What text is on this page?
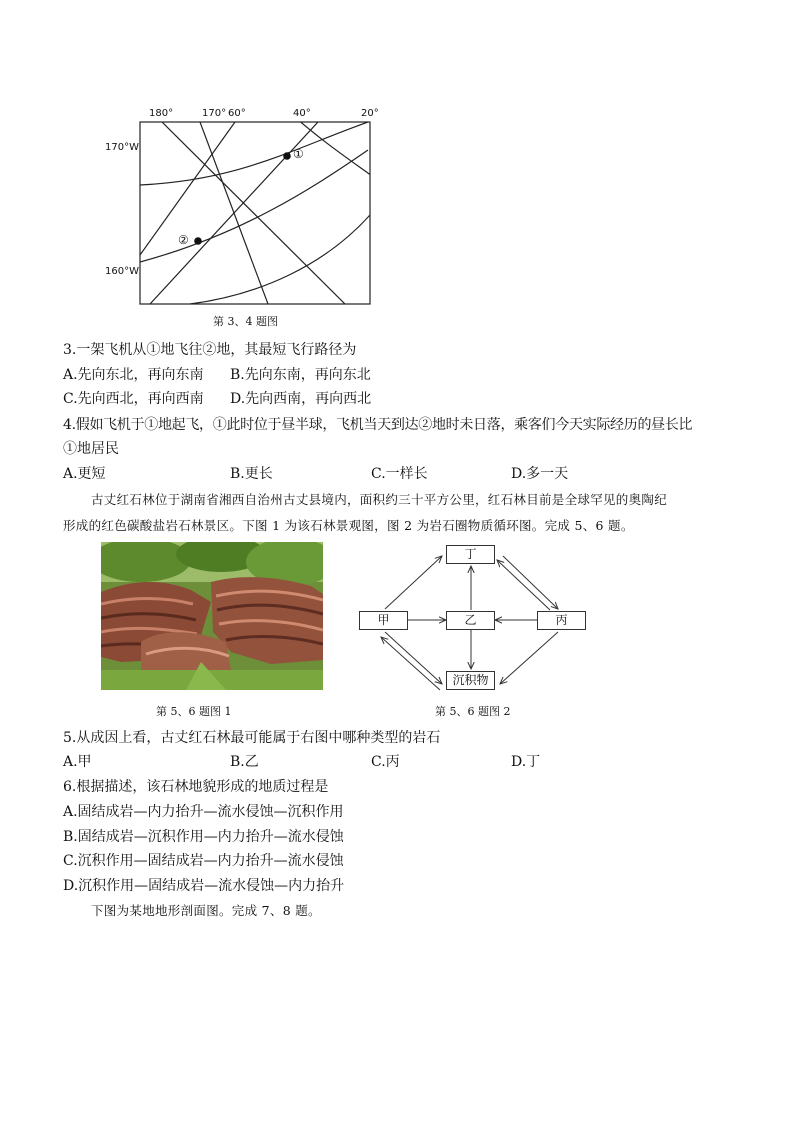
180°	170° 60°	40°	20°
170°W
160°W
①
②
第 3、4 题图
3.一架飞机从①地飞往②地，其最短飞行路径为
A.先向东北，再向东南 B.先向东南，再向东北
C.先向西北，再向西南 D.先向西南，再向西北
4.假如飞机于①地起飞，①此时位于昼半球，飞机当天到达②地时未日落，乘客们今天实际经历的昼长比
①地居民
A.更短	B.更长	C.一样长	D.多一天
古丈红石林位于湖南省湘西自治州古丈县境内，面积约三十平方公里，红石林目前是全球罕见的奥陶纪
形成的红色碳酸盐岩石林景区。下图 1 为该石林景观图，图 2 为岩石圈物质循环图。完成 5、6 题。
第 5、6 题图 1
丁
甲	乙	丙
沉积物
第 5、6 题图 2
5.从成因上看，古丈红石林最可能属于右图中哪种类型的岩石
A.甲	B.乙	C.丙	D.丁
6.根据描述，该石林地貌形成的地质过程是
A.固结成岩—内力抬升—流水侵蚀—沉积作用
B.固结成岩—沉积作用—内力抬升—流水侵蚀
C.沉积作用—固结成岩—内力抬升—流水侵蚀
D.沉积作用—固结成岩—流水侵蚀—内力抬升
下图为某地地形剖面图。完成 7、8 题。
